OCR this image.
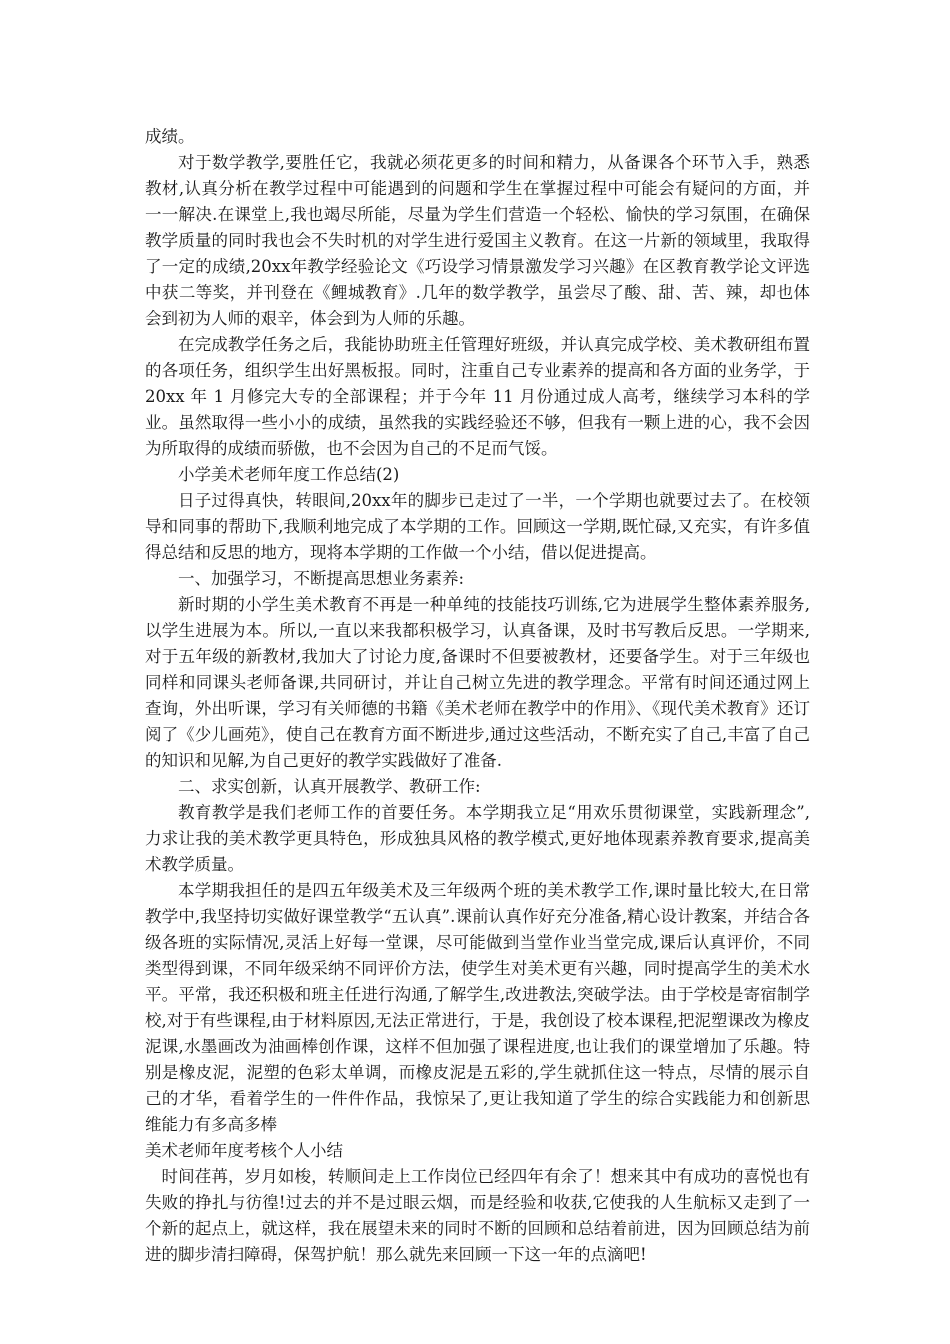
成绩。

对于数学教学,要胜任它，我就必须花更多的时间和精力，从备课各个环节入手，熟悉教材,认真分析在教学过程中可能遇到的问题和学生在掌握过程中可能会有疑问的方面，并一一解决.在课堂上,我也竭尽所能，尽量为学生们营造一个轻松、愉快的学习氛围，在确保教学质量的同时我也会不失时机的对学生进行爱国主义教育。在这一片新的领域里，我取得了一定的成绩,20xx年教学经验论文《巧设学习情景激发学习兴趣》在区教育教学论文评选中获二等奖，并刊登在《鲤城教育》.几年的数学教学，虽尝尽了酸、甜、苦、辣，却也体会到初为人师的艰辛，体会到为人师的乐趣。

在完成教学任务之后，我能协助班主任管理好班级，并认真完成学校、美术教研组布置的各项任务，组织学生出好黑板报。同时，注重自己专业素养的提高和各方面的业务学，于 20xx 年 1 月修完大专的全部课程；并于今年 11 月份通过成人高考，继续学习本科的学业。虽然取得一些小小的成绩，虽然我的实践经验还不够，但我有一颗上进的心，我不会因为所取得的成绩而骄傲，也不会因为自己的不足而气馁。

小学美术老师年度工作总结(2)

日子过得真快，转眼间,20xx年的脚步已走过了一半，一个学期也就要过去了。在校领导和同事的帮助下,我顺利地完成了本学期的工作。回顾这一学期,既忙碌,又充实，有许多值得总结和反思的地方，现将本学期的工作做一个小结，借以促进提高。

一、加强学习，不断提高思想业务素养:

新时期的小学生美术教育不再是一种单纯的技能技巧训练,它为进展学生整体素养服务,以学生进展为本。所以,一直以来我都积极学习，认真备课，及时书写教后反思。一学期来,对于五年级的新教材,我加大了讨论力度,备课时不但要被教材，还要备学生。对于三年级也同样和同课头老师备课,共同研讨，并让自己树立先进的教学理念。平常有时间还通过网上查询，外出听课，学习有关师德的书籍《美术老师在教学中的作用》、《现代美术教育》还订阅了《少儿画苑》，使自己在教育方面不断进步,通过这些活动，不断充实了自己,丰富了自己的知识和见解,为自己更好的教学实践做好了准备.

二、求实创新，认真开展教学、教研工作:

教育教学是我们老师工作的首要任务。本学期我立足“用欢乐贯彻课堂，实践新理念”,力求让我的美术教学更具特色，形成独具风格的教学模式,更好地体现素养教育要求,提高美术教学质量。

本学期我担任的是四五年级美术及三年级两个班的美术教学工作,课时量比较大,在日常教学中,我坚持切实做好课堂教学“五认真”.课前认真作好充分准备,精心设计教案，并结合各级各班的实际情况,灵活上好每一堂课，尽可能做到当堂作业当堂完成,课后认真评价，不同类型得到课，不同年级采纳不同评价方法，使学生对美术更有兴趣，同时提高学生的美术水平。平常，我还积极和班主任进行沟通,了解学生,改进教法,突破学法。由于学校是寄宿制学校,对于有些课程,由于材料原因,无法正常进行，于是，我创设了校本课程,把泥塑课改为橡皮泥课,水墨画改为油画棒创作课，这样不但加强了课程进度,也让我们的课堂增加了乐趣。特别是橡皮泥，泥塑的色彩太单调，而橡皮泥是五彩的,学生就抓住这一特点，尽情的展示自己的才华，看着学生的一件件作品，我惊呆了,更让我知道了学生的综合实践能力和创新思维能力有多高多棒

美术老师年度考核个人小结

时间荏苒，岁月如梭，转顺间走上工作岗位已经四年有余了！想来其中有成功的喜悦也有失败的挣扎与彷徨!过去的并不是过眼云烟，而是经验和收获,它使我的人生航标又走到了一个新的起点上，就这样，我在展望未来的同时不断的回顾和总结着前进，因为回顾总结为前进的脚步清扫障碍，保驾护航！那么就先来回顾一下这一年的点滴吧!
